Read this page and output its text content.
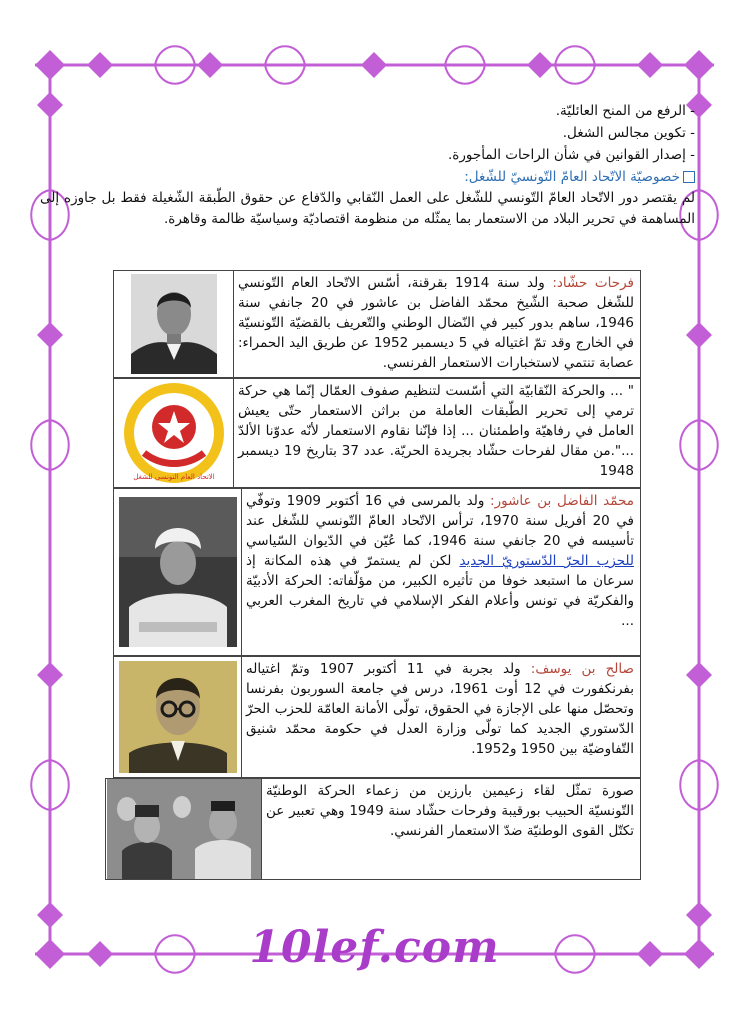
- الرفع من المنح العائليّة.
- تكوين مجالس الشغل.
- إصدار القوانين في شأن الراحات المأجورة.
خصوصيّة الاتّحاد العامّ التّونسيّ للشّغل:

لم يقتصر دور الاتّحاد العامّ التّونسي للشّغل على العمل النّقابي والدّفاع عن حقوق الطّبقة الشّغيلة فقط بل جاوزه إلى المساهمة في تحرير البلاد من الاستعمار بما يمثّله من منظومة اقتصاديّة وسياسيّة ظالمة وقاهرة.

فرحات حشّاد: ولد سنة 1914 بقرقنة، أسّس الاتّحاد العام التّونسي للشّغل صحبة الشّيخ محمّد الفاضل بن عاشور في 20 جانفي سنة 1946، ساهم بدور كبير في النّضال الوطني والتّعريف بالقضيّة التّونسيّة في الخارج وقد تمّ اغتياله في 5 ديسمبر 1952 عن طريق اليد الحمراء: عصابة تنتمي لاستخبارات الاستعمار الفرنسي.
" ... والحركة النّقابيّة التي أسّست لتنظيم صفوف العمّال إنّما هي حركة ترمي إلى تحرير الطّبقات العاملة من براثن الاستعمار حتّى يعيش العامل في رفاهيّة واطمئنان ... إذا فإنّنا نقاوم الاستعمار لأنّه عدوّنا الألدّ ...".من مقال لفرحات حشّاد بجريدة الحريّة. عدد 37 بتاريخ 19 ديسمبر 1948
الاتحاد العام التونسي للشغل
محمّد الفاضل بن عاشور: ولد بالمرسى في 16 أكتوبر 1909 وتوفّي في 20 أفريل سنة 1970، ترأس الاتّحاد العامّ التّونسي للشّغل عند تأسيسه في 20 جانفي سنة 1946، كما عُيّن في الدّيوان السّياسي للحزب الحرّ الدّستوريّ الجديد لكن لم يستمرّ في هذه المكانة إذ سرعان ما استبعد خوفا من تأثيره الكبير، من مؤلّفاته: الحركة الأدبيّة والفكريّة في تونس وأعلام الفكر الإسلامي في تاريخ المغرب العربي ...
صالح بن يوسف: ولد بجربة في 11 أكتوبر 1907 وتمّ اغتياله بفرنكفورت في 12 أوت 1961، درس في جامعة السوربون بفرنسا وتحصّل منها على الإجازة في الحقوق، تولّى الأمانة العامّة للحزب الحرّ الدّستوري الجديد كما تولّى وزارة العدل في حكومة محمّد شنيق التّفاوضيّة بين 1950 و1952.
صورة تمثّل لقاء زعيمين بارزين من زعماء الحركة الوطنيّة التّونسيّة الحبيب بورقيبة وفرحات حشّاد سنة 1949 وهي تعبير عن تكتّل القوى الوطنيّة ضدّ الاستعمار الفرنسي.
10lef.com
